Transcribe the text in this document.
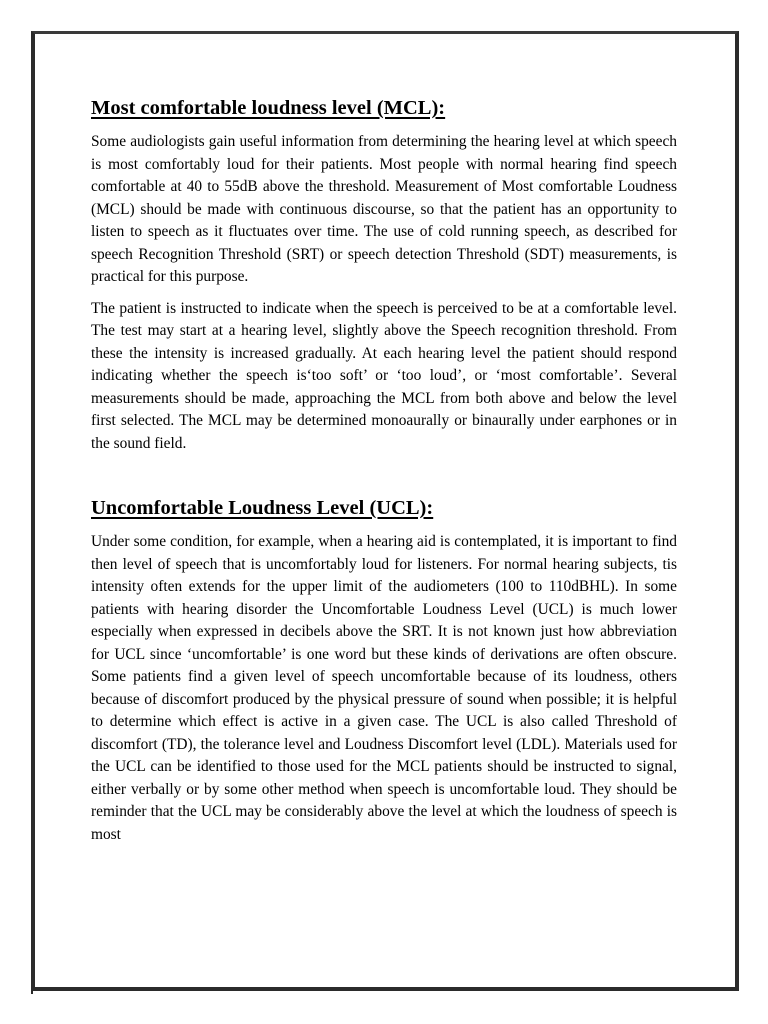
Most comfortable loudness level (MCL):

Some audiologists gain useful information from determining the hearing level at which speech is most comfortably loud for their patients. Most people with normal hearing find speech comfortable at 40 to 55dB above the threshold. Measurement of Most comfortable Loudness (MCL) should be made with continuous discourse, so that the patient has an opportunity to listen to speech as it fluctuates over time. The use of cold running speech, as described for speech Recognition Threshold (SRT) or speech detection Threshold (SDT) measurements, is practical for this purpose.

The patient is instructed to indicate when the speech is perceived to be at a comfortable level. The test may start at a hearing level, slightly above the Speech recognition threshold. From these the intensity is increased gradually. At each hearing level the patient should respond indicating whether the speech is‘too soft’ or ‘too loud’, or ‘most comfortable’. Several measurements should be made, approaching the MCL from both above and below the level first selected. The MCL may be determined monoaurally or binaurally under earphones or in the sound field.

Uncomfortable Loudness Level (UCL):

Under some condition, for example, when a hearing aid is contemplated, it is important to find then level of speech that is uncomfortably loud for listeners. For normal hearing subjects, tis intensity often extends for the upper limit of the audiometers (100 to 110dBHL). In some patients with hearing disorder the Uncomfortable Loudness Level (UCL) is much lower especially when expressed in decibels above the SRT. It is not known just how abbreviation for UCL since ‘uncomfortable’ is one word but these kinds of derivations are often obscure. Some patients find a given level of speech uncomfortable because of its loudness, others because of discomfort produced by the physical pressure of sound when possible; it is helpful to determine which effect is active in a given case. The UCL is also called Threshold of discomfort (TD), the tolerance level and Loudness Discomfort level (LDL). Materials used for the UCL can be identified to those used for the MCL patients should be instructed to signal, either verbally or by some other method when speech is uncomfortable loud. They should be reminder that the UCL may be considerably above the level at which the loudness of speech is most
